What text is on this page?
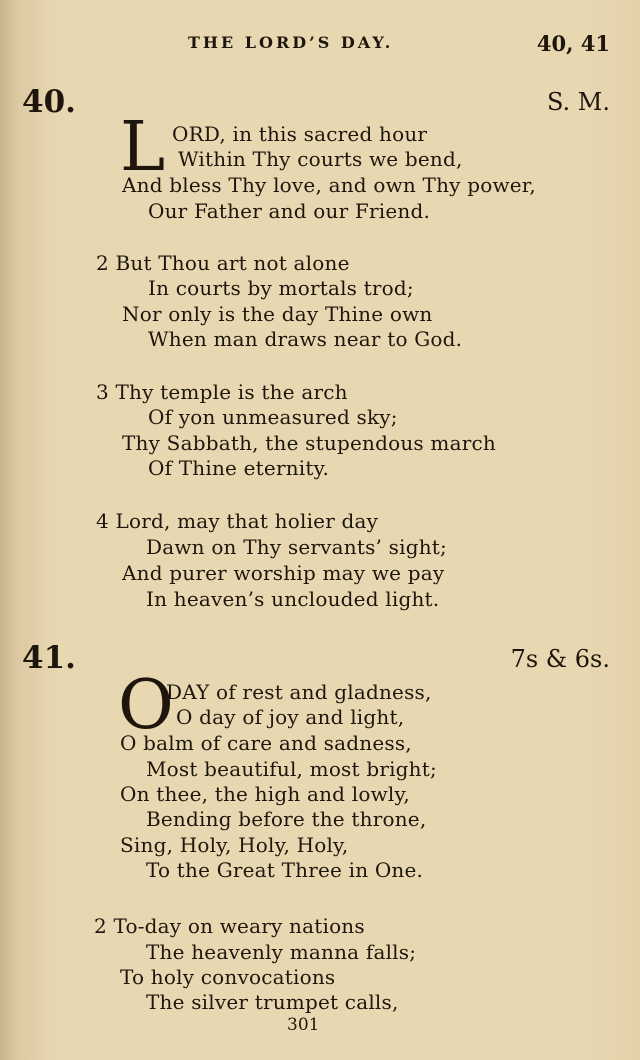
THE LORD’S DAY.	40, 41
40.	S. M.
L ORD, in this sacred hour
Within Thy courts we bend,
And bless Thy love, and own Thy power,
Our Father and our Friend.
2 But Thou art not alone
In courts by mortals trod;
Nor only is the day Thine own
When man draws near to God.
3 Thy temple is the arch
Of yon unmeasured sky;
Thy Sabbath, the stupendous march
Of Thine eternity.
4 Lord, may that holier day
Dawn on Thy servants’ sight;
And purer worship may we pay
In heaven’s unclouded light.
41.	7s & 6s.
O
DAY of rest and gladness,
O day of joy and light,
O balm of care and sadness,
Most beautiful, most bright;
On thee, the high and lowly,
Bending before the throne,
Sing, Holy, Holy, Holy,
To the Great Three in One.
2 To-day on weary nations
The heavenly manna falls;
To holy convocations
The silver trumpet calls,
301
